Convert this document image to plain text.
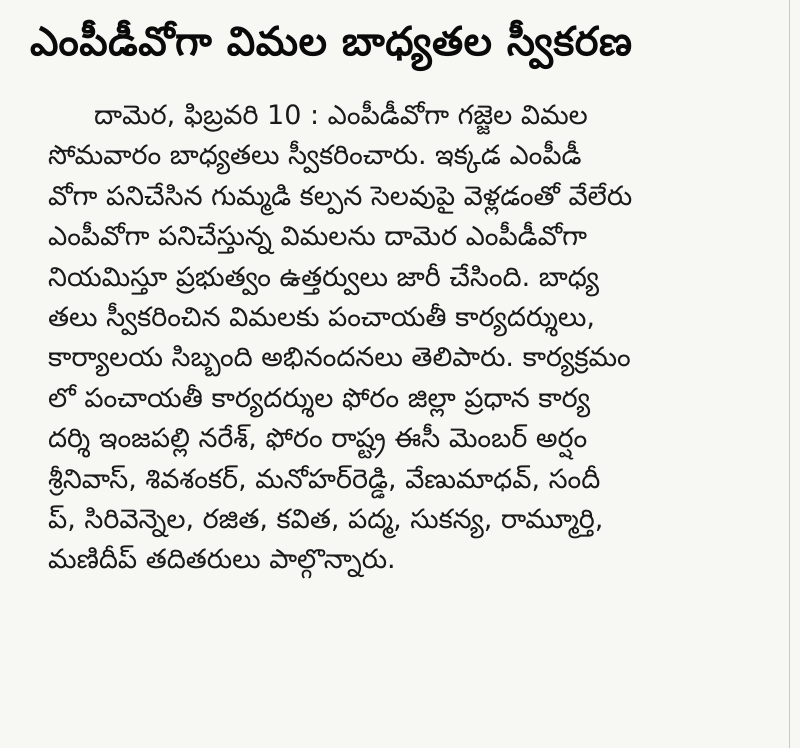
ఎంపీడీవోగా విమల బాధ్యతల స్వీకరణ
దామెర, ఫిబ్రవరి 10 : ఎంపీడీవోగా గజ్జెల విమల
సోమవారం బాధ్యతలు స్వీకరించారు. ఇక్కడ ఎంపీడీ
వోగా పనిచేసిన గుమ్మడి కల్పన సెలవుపై వెళ్లడంతో వేలేరు
ఎంపీవోగా పనిచేస్తున్న విమలను దామెర ఎంపీడీవోగా
నియమిస్తూ ప్రభుత్వం ఉత్తర్వులు జారీ చేసింది. బాధ్య
తలు స్వీకరించిన విమలకు పంచాయతీ కార్యదర్శులు,
కార్యాలయ సిబ్బంది అభినందనలు తెలిపారు. కార్యక్రమం
లో పంచాయతీ కార్యదర్శుల ఫోరం జిల్లా ప్రధాన కార్య
దర్శి ఇంజపల్లి నరేశ్, ఫోరం రాష్ట్ర ఈసీ మెంబర్ అర్షం
శ్రీనివాస్, శివశంకర్, మనోహర్‌రెడ్డి, వేణుమాధవ్, సందీ
ప్, సిరివెన్నెల, రజిత, కవిత, పద్మ, సుకన్య, రామ్మూర్తి,
మణిదీప్ తదితరులు పాల్గొన్నారు.
